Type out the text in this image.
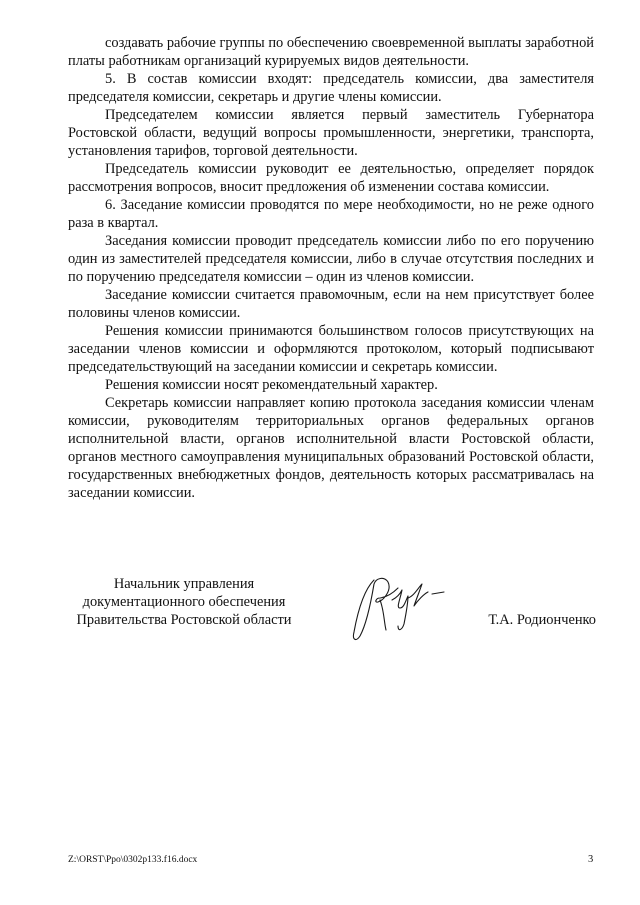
создавать рабочие группы по обеспечению своевременной выплаты заработной платы работникам организаций курируемых видов деятельности.

5. В состав комиссии входят: председатель комиссии, два заместителя председателя комиссии, секретарь и другие члены комиссии.

Председателем комиссии является первый заместитель Губернатора Ростовской области, ведущий вопросы промышленности, энергетики, транспорта, установления тарифов, торговой деятельности.

Председатель комиссии руководит ее деятельностью, определяет порядок рассмотрения вопросов, вносит предложения об изменении состава комиссии.

6. Заседание комиссии проводятся по мере необходимости, но не реже одного раза в квартал.

Заседания комиссии проводит председатель комиссии либо по его поручению один из заместителей председателя комиссии, либо в случае отсутствия последних и по поручению председателя комиссии – один из членов комиссии.

Заседание комиссии считается правомочным, если на нем присутствует более половины членов комиссии.

Решения комиссии принимаются большинством голосов присутствующих на заседании членов комиссии и оформляются протоколом, который подписывают председательствующий на заседании комиссии и секретарь комиссии.

Решения комиссии носят рекомендательный характер.

Секретарь комиссии направляет копию протокола заседания комиссии членам комиссии, руководителям территориальных органов федеральных органов исполнительной власти, органов исполнительной власти Ростовской области, органов местного самоуправления муниципальных образований Ростовской области, государственных внебюджетных фондов, деятельность которых рассматривалась на заседании комиссии.

Начальник управления
документационного обеспечения
Правительства Ростовской области	Т.А. Родионченко
Z:\ORST\Ppo\0302p133.f16.docx	3
